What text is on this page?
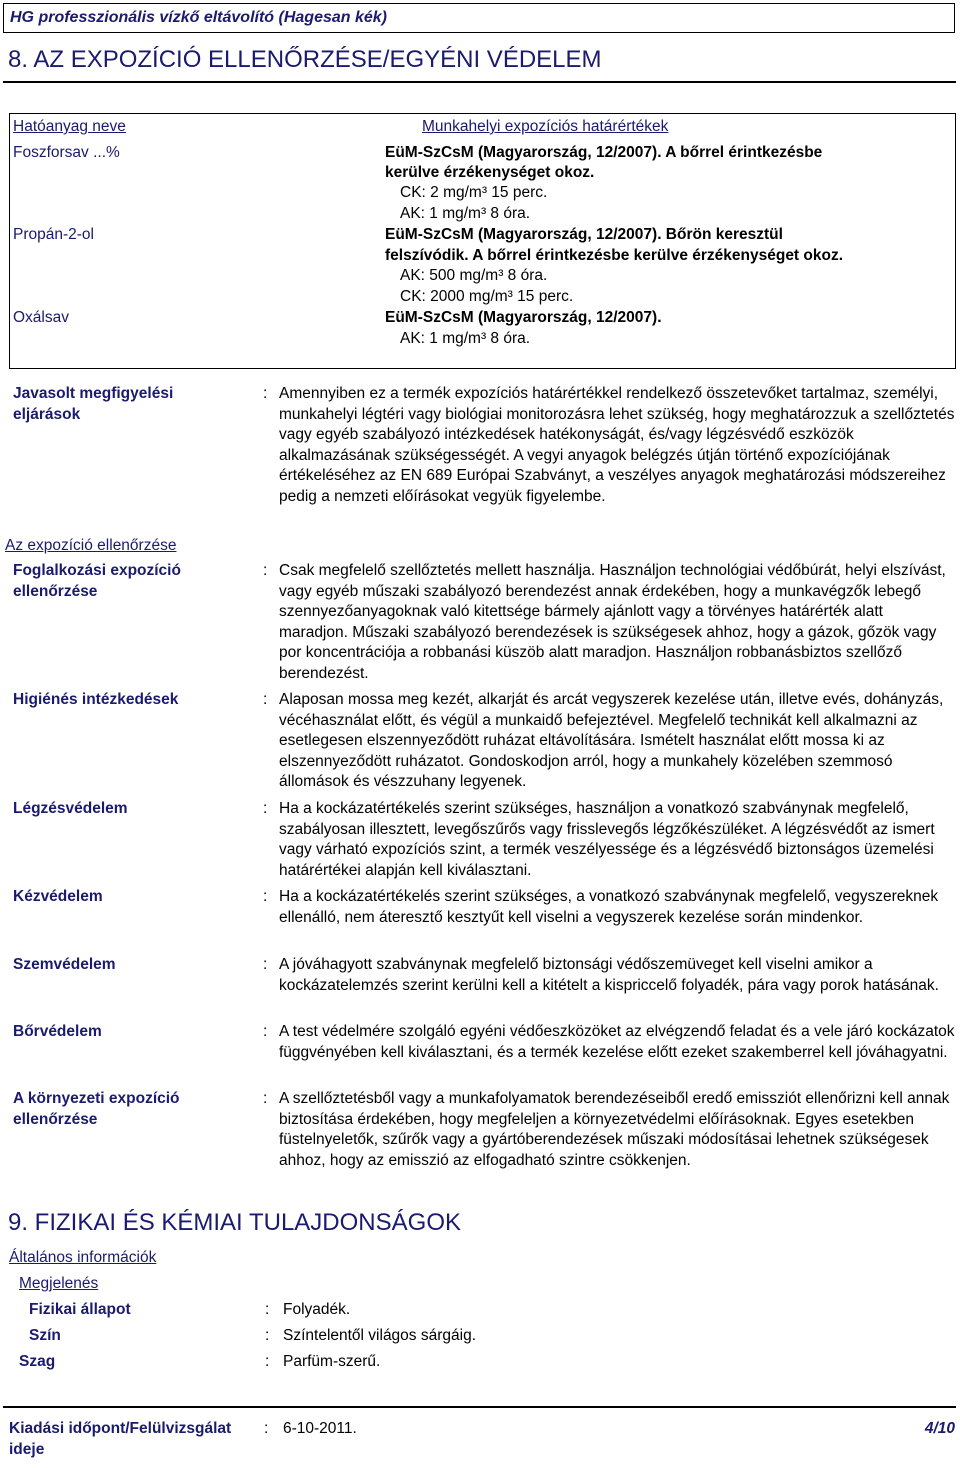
HG professzionális vízkő eltávolító (Hagesan kék)
8. AZ EXPOZÍCIÓ ELLENŐRZÉSE/EGYÉNI VÉDELEM
Hatóanyag neve	Munkahelyi expozíciós határértékek
Foszforsav ...%	EüM-SzCsM (Magyarország, 12/2007). A bőrrel érintkezésbe
kerülve érzékenységet okoz.
CK: 2 mg/m³ 15 perc.
AK: 1 mg/m³ 8 óra.
Propán-2-ol	EüM-SzCsM (Magyarország, 12/2007). Bőrön keresztül
felszívódik. A bőrrel érintkezésbe kerülve érzékenységet okoz.
AK: 500 mg/m³ 8 óra.
CK: 2000 mg/m³ 15 perc.
Oxálsav	EüM-SzCsM (Magyarország, 12/2007).
AK: 1 mg/m³ 8 óra.
Javasolt megfigyelési
eljárások
: Amennyiben ez a termék expozíciós határértékkel rendelkező összetevőket tartalmaz, személyi, munkahelyi légtéri vagy biológiai monitorozásra lehet szükség, hogy meghatározzuk a szellőztetés vagy egyéb szabályozó intézkedések hatékonyságát, és/vagy légzésvédő eszközök alkalmazásának szükségességét. A vegyi anyagok belégzés útján történő expozíciójának értékeléséhez az EN 689 Európai Szabványt, a veszélyes anyagok meghatározási módszereihez pedig a nemzeti előírásokat vegyük figyelembe.
Az expozíció ellenőrzése
Foglalkozási expozíció ellenőrzése
: Csak megfelelő szellőztetés mellett használja. Használjon technológiai védőbúrát, helyi elszívást, vagy egyéb műszaki szabályozó berendezést annak érdekében, hogy a munkavégzők lebegő szennyezőanyagoknak való kitettsége bármely ajánlott vagy a törvényes határérték alatt maradjon. Műszaki szabályozó berendezések is szükségesek ahhoz, hogy a gázok, gőzök vagy por koncentrációja a robbanási küszöb alatt maradjon. Használjon robbanásbiztos szellőző berendezést.
Higiénés intézkedések	: Alaposan mossa meg kezét, alkarját és arcát vegyszerek kezelése után, illetve evés, dohányzás, vécéhasználat előtt, és végül a munkaidő befejeztével. Megfelelő technikát kell alkalmazni az esetlegesen elszennyeződött ruházat eltávolítására. Ismételt használat előtt mossa ki az elszennyeződött ruházatot. Gondoskodjon arról, hogy a munkahely közelében szemmosó állomások és vészzuhany legyenek.
Légzésvédelem	: Ha a kockázatértékelés szerint szükséges, használjon a vonatkozó szabványnak megfelelő, szabályosan illesztett, levegőszűrős vagy frisslevegős légzőkészüléket. A légzésvédőt az ismert vagy várható expozíciós szint, a termék veszélyessége és a légzésvédő biztonságos üzemelési határértékei alapján kell kiválasztani.
Kézvédelem	: Ha a kockázatértékelés szerint szükséges, a vonatkozó szabványnak megfelelő, vegyszereknek ellenálló, nem áteresztő kesztyűt kell viselni a vegyszerek kezelése során mindenkor.
Szemvédelem	: A jóváhagyott szabványnak megfelelő biztonsági védőszemüveget kell viselni amikor a kockázatelemzés szerint kerülni kell a kitételt a kispriccelő folyadék, pára vagy porok hatásának.
Bőrvédelem	: A test védelmére szolgáló egyéni védőeszközöket az elvégzendő feladat és a vele járó kockázatok függvényében kell kiválasztani, és a termék kezelése előtt ezeket szakemberrel kell jóváhagyatni.
A környezeti expozíció ellenőrzése
: A szellőztetésből vagy a munkafolyamatok berendezéseiből eredő emissziót ellenőrizni kell annak biztosítása érdekében, hogy megfeleljen a környezetvédelmi előírásoknak. Egyes esetekben füstelnyeletők, szűrők vagy a gyártóberendezések műszaki módosításai lehetnek szükségesek ahhoz, hogy az emisszió az elfogadható szintre csökkenjen.
9. FIZIKAI ÉS KÉMIAI TULAJDONSÁGOK
Általános információk
Megjelenés
Fizikai állapot	: Folyadék.
Szín	: Színtelentől világos sárgáig.
Szag	: Parfüm-szerű.
Kiadási időpont/Felülvizsgálat ideje
: 6-10-2011.	4/10
